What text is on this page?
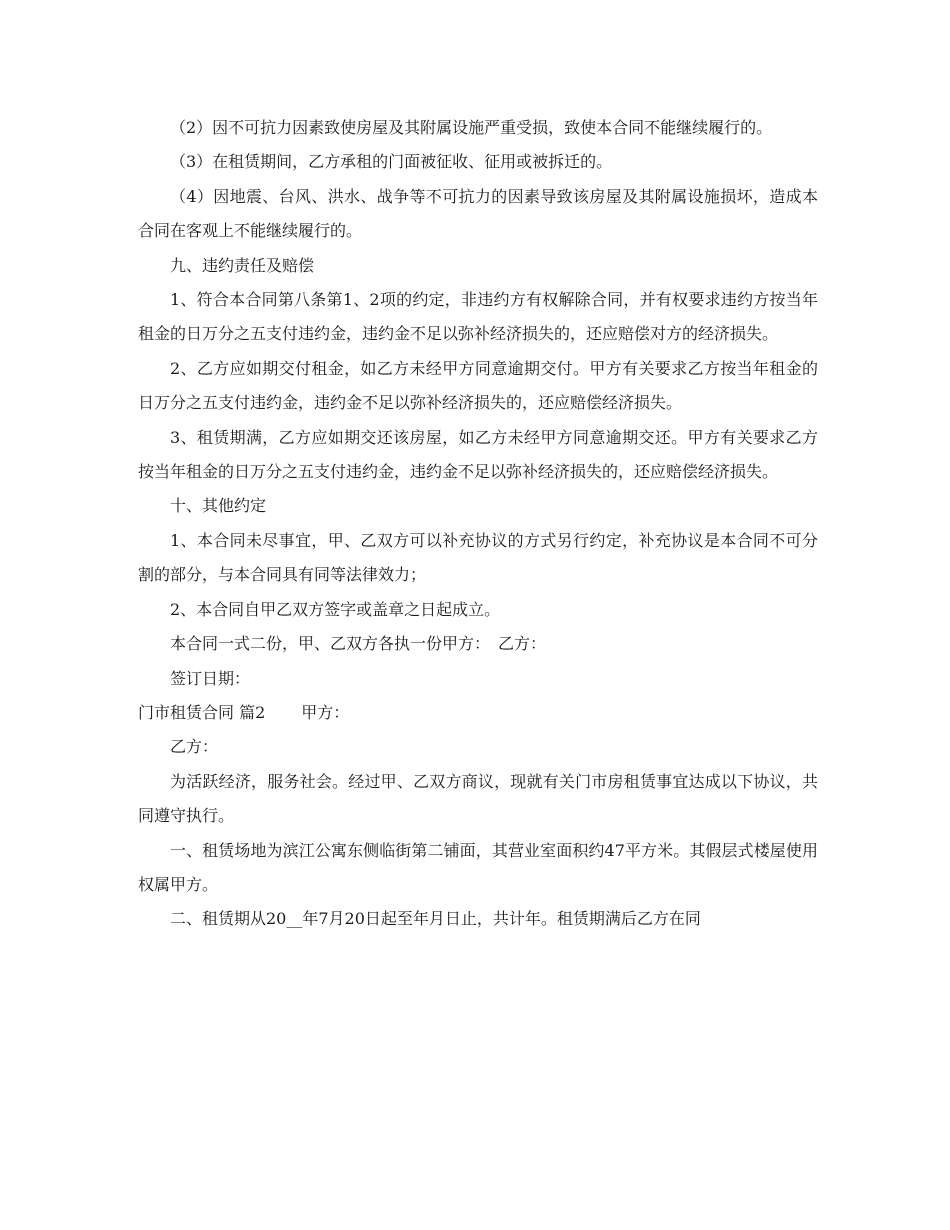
（2）因不可抗力因素致使房屋及其附属设施严重受损，致使本合同不能继续履行的。

（3）在租赁期间，乙方承租的门面被征收、征用或被拆迁的。

（4）因地震、台风、洪水、战争等不可抗力的因素导致该房屋及其附属设施损坏，造成本合同在客观上不能继续履行的。

九、违约责任及赔偿

1、符合本合同第八条第1、2项的约定，非违约方有权解除合同，并有权要求违约方按当年租金的日万分之五支付违约金，违约金不足以弥补经济损失的，还应赔偿对方的经济损失。

2、乙方应如期交付租金，如乙方未经甲方同意逾期交付。甲方有关要求乙方按当年租金的日万分之五支付违约金，违约金不足以弥补经济损失的，还应赔偿经济损失。

3、租赁期满，乙方应如期交还该房屋，如乙方未经甲方同意逾期交还。甲方有关要求乙方按当年租金的日万分之五支付违约金，违约金不足以弥补经济损失的，还应赔偿经济损失。

十、其他约定

1、本合同未尽事宜，甲、乙双方可以补充协议的方式另行约定，补充协议是本合同不可分割的部分，与本合同具有同等法律效力；

2、本合同自甲乙双方签字或盖章之日起成立。

本合同一式二份，甲、乙双方各执一份甲方：　乙方：

签订日期：

门市租赁合同 篇2 甲方：

乙方：

为活跃经济，服务社会。经过甲、乙双方商议，现就有关门市房租赁事宜达成以下协议，共同遵守执行。

一、租赁场地为滨江公寓东侧临街第二铺面，其营业室面积约47平方米。其假层式楼屋使用权属甲方。

二、租赁期从20__年7月20日起至年月日止，共计年。租赁期满后乙方在同
